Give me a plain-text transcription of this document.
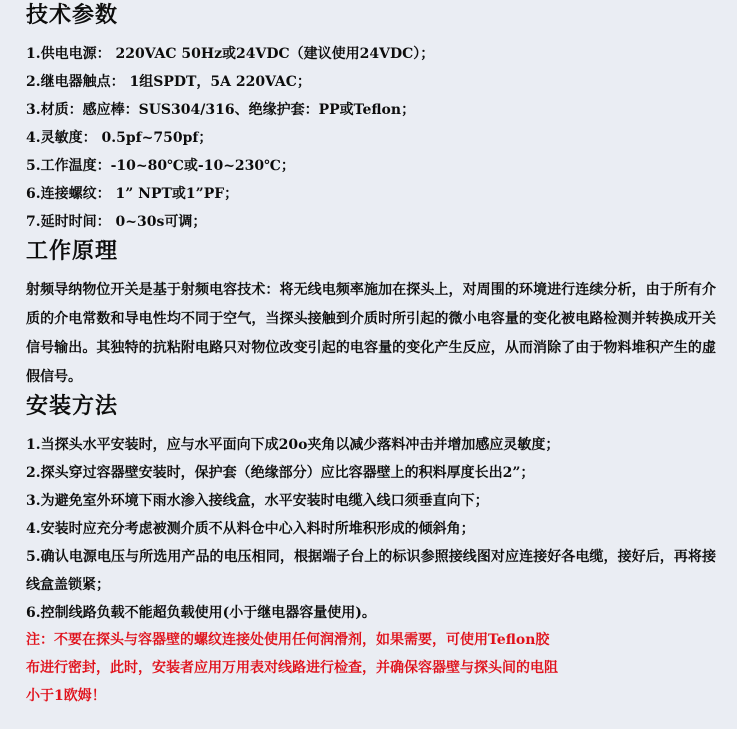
技术参数
1.供电电源： 220VAC 50Hz或24VDC（建议使用24VDC）；
2.继电器触点： 1组SPDT，5A 220VAC；
3.材质：感应棒：SUS304/316、绝缘护套：PP或Teflon；
4.灵敏度： 0.5pf~750pf；
5.工作温度：-10~80℃或-10~230℃；
6.连接螺纹： 1” NPT或1”PF；
7.延时时间： 0~30s可调；
工作原理

射频导纳物位开关是基于射频电容技术：将无线电频率施加在探头上，对周围的环境进行连续分析，由于所有介质的介电常数和导电性均不同于空气，当探头接触到介质时所引起的微小电容量的变化被电路检测并转换成开关信号输出。其独特的抗粘附电路只对物位改变引起的电容量的变化产生反应，从而消除了由于物料堆积产生的虚假信号。

安装方法
1.当探头水平安装时，应与水平面向下成20o夹角以减少落料冲击并增加感应灵敏度；
2.探头穿过容器壁安装时，保护套（绝缘部分）应比容器壁上的积料厚度长出2”；
3.为避免室外环境下雨水渗入接线盒，水平安装时电缆入线口须垂直向下；
4.安装时应充分考虑被测介质不从料仓中心入料时所堆积形成的倾斜角；
5.确认电源电压与所选用产品的电压相同，根据端子台上的标识参照接线图对应连接好各电缆，接好后，再将接线盒盖锁紧；
6.控制线路负载不能超负载使用(小于继电器容量使用)。
注：不要在探头与容器壁的螺纹连接处使用任何润滑剂，如果需要，可使用Teflon胶
布进行密封，此时，安装者应用万用表对线路进行检查，并确保容器壁与探头间的电阻
小于1欧姆！
